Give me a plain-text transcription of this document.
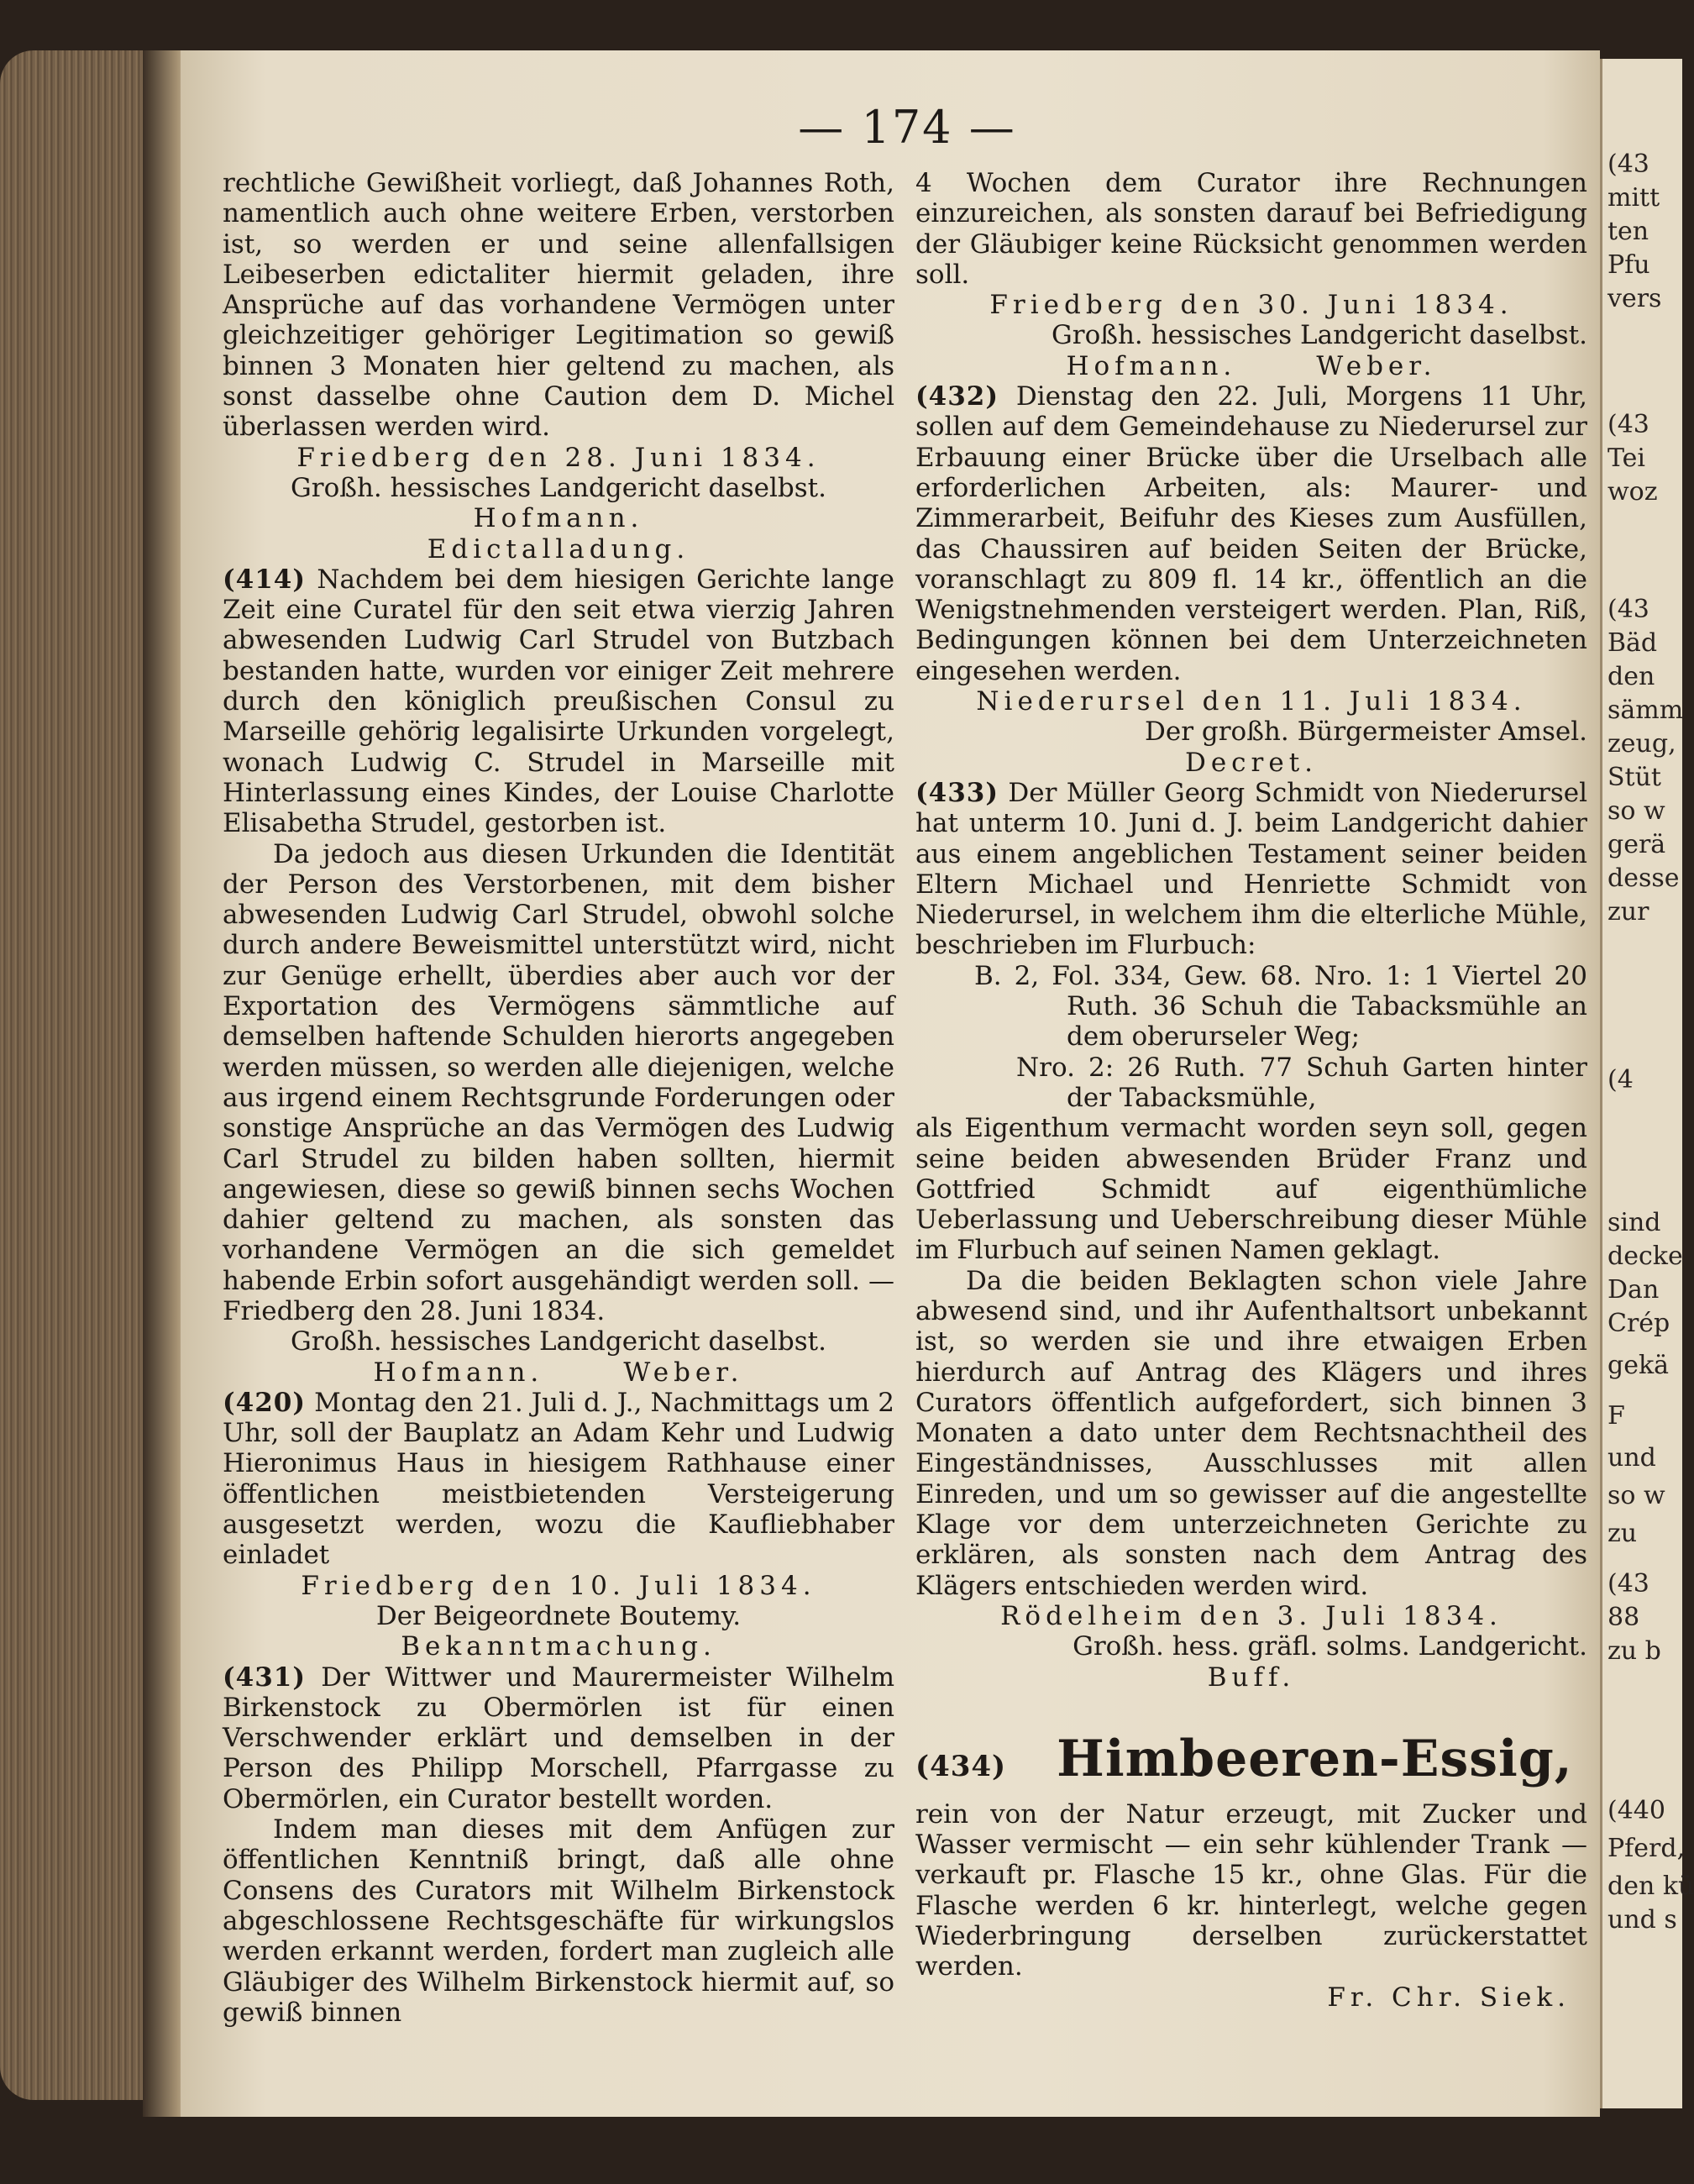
(43
mitt
ten
Pfu
vers
(43
Tei
woz
(43
Bäd
den
sämm
zeug,
Stüt
so w
gerä
desse
zur
(4
sind
decke
Dan
Crép
gekä
F
und
so w
zu
(43
88
zu b
(440
Pferd,
den kü
und s
— 174 —

rechtliche Gewißheit vorliegt, daß Johannes Roth, namentlich auch ohne weitere Erben, verstorben ist, so werden er und seine allenfallsigen Leibeserben edictaliter hiermit geladen, ihre Ansprüche auf das vorhandene Vermögen unter gleichzeitiger gehöriger Legitimation so gewiß binnen 3 Monaten hier geltend zu machen, als sonst dasselbe ohne Caution dem D. Michel überlassen werden wird.

Friedberg den 28. Juni 1834.

Großh. hessisches Landgericht daselbst.

Hofmann.

Edictalladung.

(414) Nachdem bei dem hiesigen Gerichte lange Zeit eine Curatel für den seit etwa vierzig Jahren abwesenden Ludwig Carl Strudel von Butzbach bestanden hatte, wurden vor einiger Zeit mehrere durch den königlich preußischen Consul zu Marseille gehörig legalisirte Urkunden vorgelegt, wonach Ludwig C. Strudel in Marseille mit Hinterlassung eines Kindes, der Louise Charlotte Elisabetha Strudel, gestorben ist.

Da jedoch aus diesen Urkunden die Identität der Person des Verstorbenen, mit dem bisher abwesenden Ludwig Carl Strudel, obwohl solche durch andere Beweismittel unterstützt wird, nicht zur Genüge erhellt, überdies aber auch vor der Exportation des Vermögens sämmtliche auf demselben haftende Schulden hierorts angegeben werden müssen, so werden alle diejenigen, welche aus irgend einem Rechtsgrunde Forderungen oder sonstige Ansprüche an das Vermögen des Ludwig Carl Strudel zu bilden haben sollten, hiermit angewiesen, diese so gewiß binnen sechs Wochen dahier geltend zu machen, als sonsten das vorhandene Vermögen an die sich gemeldet habende Erbin sofort ausgehändigt werden soll. — Friedberg den 28. Juni 1834.

Großh. hessisches Landgericht daselbst.

Hofmann.      Weber.

(420) Montag den 21. Juli d. J., Nachmittags um 2 Uhr, soll der Bauplatz an Adam Kehr und Ludwig Hieronimus Haus in hiesigem Rathhause einer öffentlichen meistbietenden Versteigerung ausgesetzt werden, wozu die Kaufliebhaber einladet

Friedberg den 10. Juli 1834.

Der Beigeordnete Boutemy.

Bekanntmachung.

(431) Der Wittwer und Maurermeister Wilhelm Birkenstock zu Obermörlen ist für einen Verschwender erklärt und demselben in der Person des Philipp Morschell, Pfarrgasse zu Obermörlen, ein Curator bestellt worden.

Indem man dieses mit dem Anfügen zur öffentlichen Kenntniß bringt, daß alle ohne Consens des Curators mit Wilhelm Birkenstock abgeschlossene Rechtsgeschäfte für wirkungslos werden erkannt werden, fordert man zugleich alle Gläubiger des Wilhelm Birkenstock hiermit auf, so gewiß binnen

4 Wochen dem Curator ihre Rechnungen einzureichen, als sonsten darauf bei Befriedigung der Gläubiger keine Rücksicht genommen werden soll.

Friedberg den 30. Juni 1834.

Großh. hessisches Landgericht daselbst.

Hofmann.      Weber.

(432) Dienstag den 22. Juli, Morgens 11 Uhr, sollen auf dem Gemeindehause zu Niederursel zur Erbauung einer Brücke über die Urselbach alle erforderlichen Arbeiten, als: Maurer- und Zimmerarbeit, Beifuhr des Kieses zum Ausfüllen, das Chaussiren auf beiden Seiten der Brücke, voranschlagt zu 809 fl. 14 kr., öffentlich an die Wenigstnehmenden versteigert werden. Plan, Riß, Bedingungen können bei dem Unterzeichneten eingesehen werden.

Niederursel den 11. Juli 1834.

Der großh. Bürgermeister Amsel.

Decret.

(433) Der Müller Georg Schmidt von Niederursel hat unterm 10. Juni d. J. beim Landgericht dahier aus einem angeblichen Testament seiner beiden Eltern Michael und Henriette Schmidt von Niederursel, in welchem ihm die elterliche Mühle, beschrieben im Flurbuch:

B. 2, Fol. 334, Gew. 68. Nro. 1: 1 Viertel 20 Ruth. 36 Schuh die Tabacksmühle an dem oberurseler Weg;

Nro. 2: 26 Ruth. 77 Schuh Garten hinter der Tabacksmühle,

als Eigenthum vermacht worden seyn soll, gegen seine beiden abwesenden Brüder Franz und Gottfried Schmidt auf eigenthümliche Ueberlassung und Ueberschreibung dieser Mühle im Flurbuch auf seinen Namen geklagt.

Da die beiden Beklagten schon viele Jahre abwesend sind, und ihr Aufenthaltsort unbekannt ist, so werden sie und ihre etwaigen Erben hierdurch auf Antrag des Klägers und ihres Curators öffentlich aufgefordert, sich binnen 3 Monaten a dato unter dem Rechtsnachtheil des Eingeständnisses, Ausschlusses mit allen Einreden, und um so gewisser auf die angestellte Klage vor dem unterzeichneten Gerichte zu erklären, als sonsten nach dem Antrag des Klägers entschieden werden wird.

Rödelheim den 3. Juli 1834.

Großh. hess. gräfl. solms. Landgericht.

Buff.

(434) Himbeeren-Essig,

rein von der Natur erzeugt, mit Zucker und Wasser vermischt — ein sehr kühlender Trank — verkauft pr. Flasche 15 kr., ohne Glas. Für die Flasche werden 6 kr. hinterlegt, welche gegen Wiederbringung derselben zurückerstattet werden.

Fr. Chr. Siek.
